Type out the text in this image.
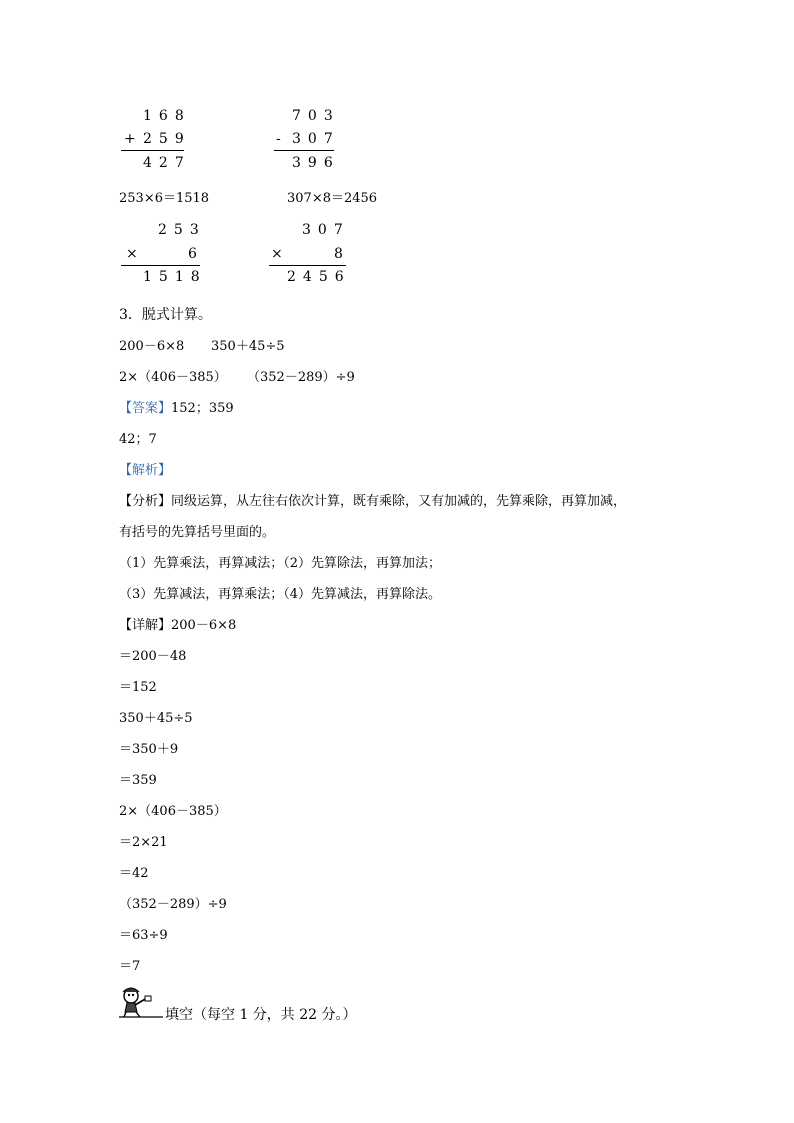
168
+ 259
427
703
- 307
396
253×6＝1518	307×8＝2456
253
×	6
1518
307
×	8
2456
3．脱式计算。
200－6×8 350＋45÷5
2×（406－385） （352－289）÷9
【答案】152；359
42；7
【解析】
【分析】同级运算，从左往右依次计算，既有乘除，又有加减的，先算乘除，再算加减，
有括号的先算括号里面的。
（1）先算乘法，再算减法；（2）先算除法，再算加法；
（3）先算减法，再算乘法；（4）先算减法，再算除法。
【详解】200－6×8
＝200－48
＝152
350＋45÷5
＝350＋9
＝359
2×（406－385）
＝2×21
＝42
（352－289）÷9
＝63÷9
＝7
填空（每空 1 分，共 22 分。）
